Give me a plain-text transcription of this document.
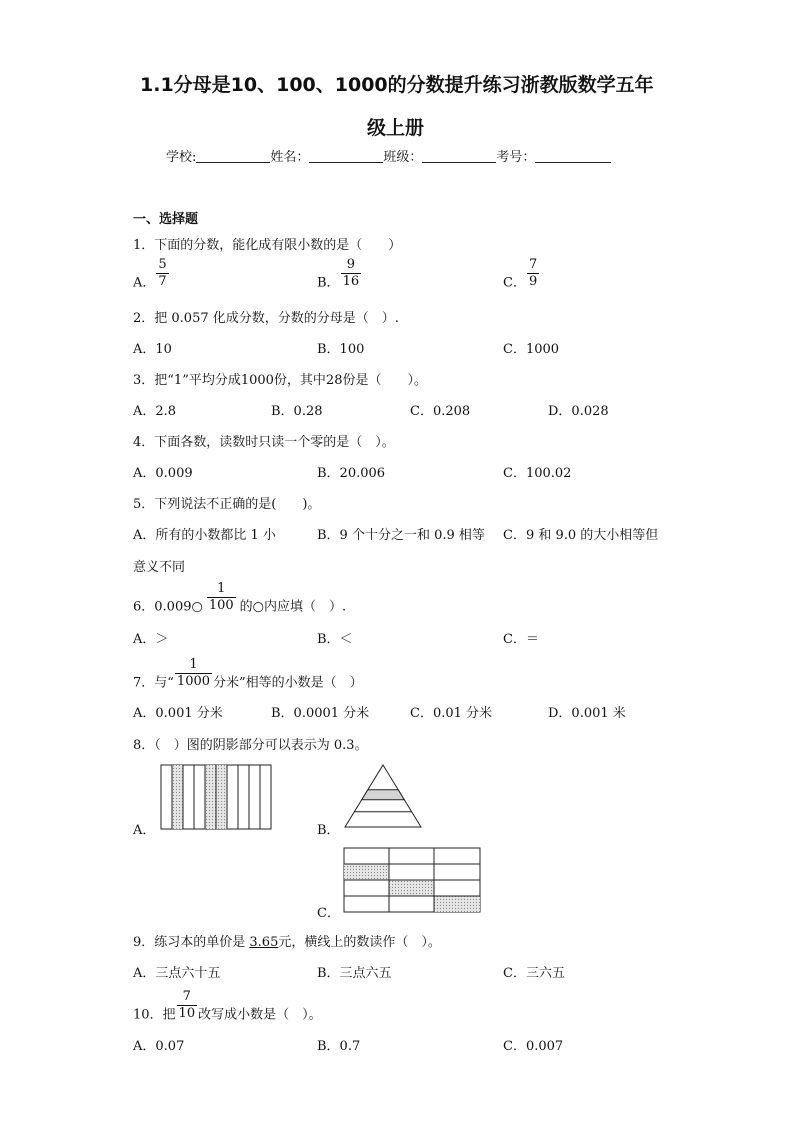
1.1分母是10、100、1000的分数提升练习浙教版数学五年
级上册
学校:	姓名：	班级：	考号：
一、选择题
1．下面的分数，能化成有限小数的是（　　）
A． $\frac{5}{7}$	B． $\frac{9}{16}$	C． $\frac{7}{9}$
2．把 0.057 化成分数，分数的分母是（　）.
A．10	B．100	C．1000
3．把“1”平均分成1000份，其中28份是（　　）。
A．2.8	B．0.28	C．0.208	D．0.028
4．下面各数，读数时只读一个零的是（　）。
A．0.009	B．20.006	C．100.02
5．下列说法不正确的是(　　)。
A．所有的小数都比 1 小	B．9 个十分之一和 0.9 相等 C．9 和 9.0 的大小相等但
意义不同
6．0.009○ $\frac{1}{100}$ 的○内应填（　）.
A．＞	B．＜	C．＝
7．与“ $\frac{1}{1000}$ 分米”相等的小数是（　）
A．0.001 分米	B．0.0001 分米	C．0.01 分米	D．0.001 米
8．（　）图的阴影部分可以表示为 0.3。
A．	B．
C．
9．练习本的单价是 3.65元，横线上的数读作（　）。
A．三点六十五	B．三点六五	C．三六五
10．把 $\frac{7}{10}$ 改写成小数是（　）。
A．0.07	B．0.7	C．0.007
